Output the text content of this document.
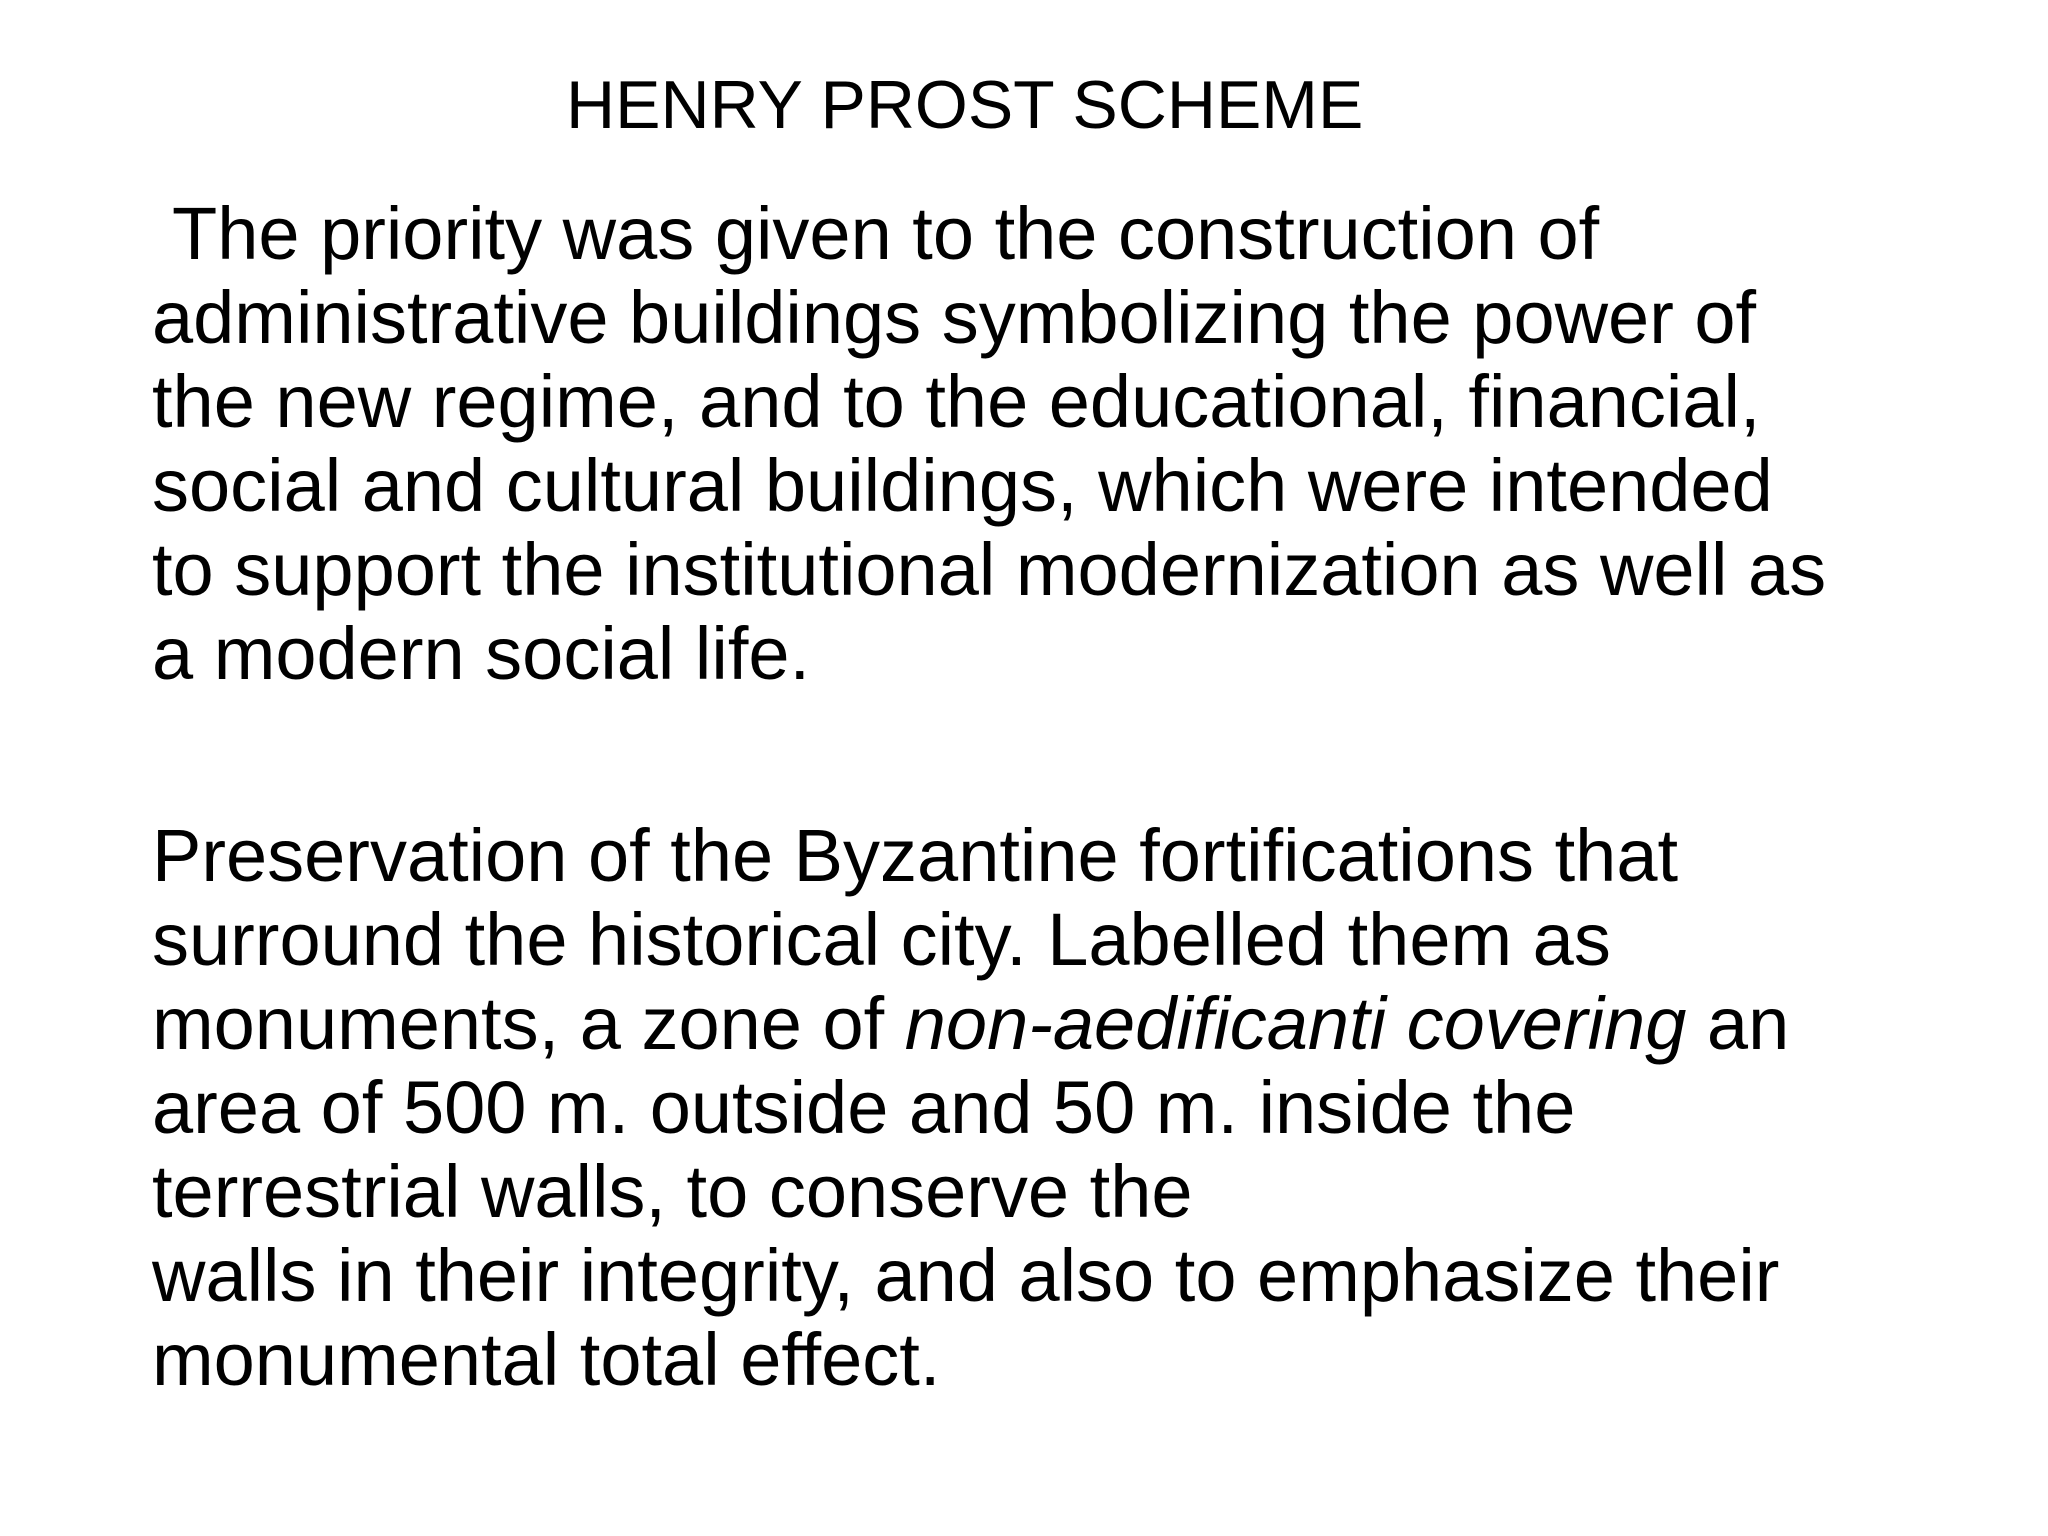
HENRY PROST SCHEME
The priority was given to the construction of
administrative buildings symbolizing the power of
the new regime, and to the educational, financial,
social and cultural buildings, which were intended
to support the institutional modernization as well as
a modern social life.
Preservation of the Byzantine fortifications that
surround the historical city. Labelled them as
monuments, a zone of non-aedificanti covering an
area of 500 m. outside and 50 m. inside the
terrestrial walls, to conserve the
walls in their integrity, and also to emphasize their
monumental total effect.
